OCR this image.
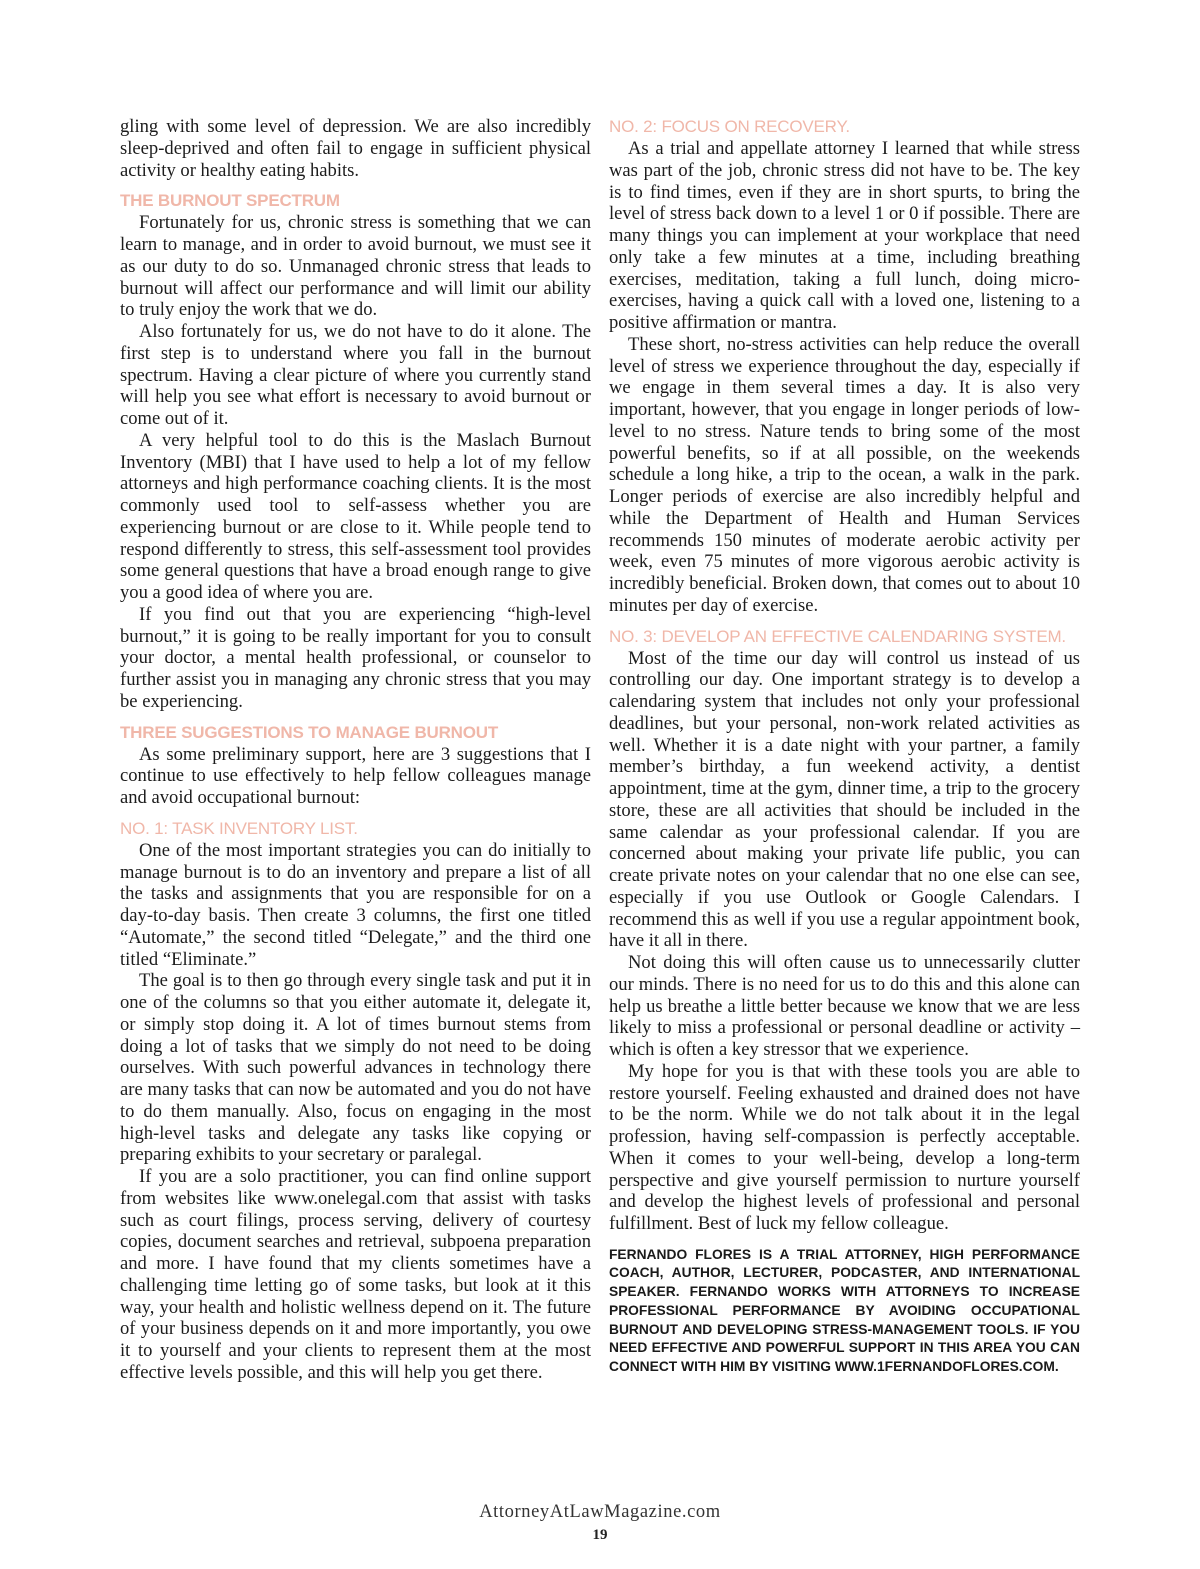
gling with some level of depression. We are also incredibly sleep-deprived and often fail to engage in sufficient physical activity or healthy eating habits.

THE BURNOUT SPECTRUM

Fortunately for us, chronic stress is something that we can learn to manage, and in order to avoid burnout, we must see it as our duty to do so. Unmanaged chronic stress that leads to burnout will affect our performance and will limit our ability to truly enjoy the work that we do.

Also fortunately for us, we do not have to do it alone. The first step is to understand where you fall in the burnout spectrum. Having a clear picture of where you currently stand will help you see what effort is necessary to avoid burnout or come out of it.

A very helpful tool to do this is the Maslach Burnout Inventory (MBI) that I have used to help a lot of my fellow attorneys and high performance coaching clients. It is the most commonly used tool to self-assess whether you are experiencing burnout or are close to it. While people tend to respond differently to stress, this self-assessment tool provides some general questions that have a broad enough range to give you a good idea of where you are.

If you find out that you are experiencing “high-level burnout,” it is going to be really important for you to consult your doctor, a mental health professional, or counselor to further assist you in managing any chronic stress that you may be experiencing.

THREE SUGGESTIONS TO MANAGE BURNOUT

As some preliminary support, here are 3 suggestions that I continue to use effectively to help fellow colleagues manage and avoid occupational burnout:

NO. 1: TASK INVENTORY LIST.

One of the most important strategies you can do initially to manage burnout is to do an inventory and prepare a list of all the tasks and assignments that you are responsible for on a day-to-day basis. Then create 3 columns, the first one titled “Automate,” the second titled “Delegate,” and the third one titled “Eliminate.”

The goal is to then go through every single task and put it in one of the columns so that you either automate it, delegate it, or simply stop doing it. A lot of times burnout stems from doing a lot of tasks that we simply do not need to be doing ourselves. With such powerful advances in technology there are many tasks that can now be automated and you do not have to do them manually. Also, focus on engaging in the most high-level tasks and delegate any tasks like copying or preparing exhibits to your secretary or paralegal.

If you are a solo practitioner, you can find online support from websites like www.onelegal.com that assist with tasks such as court filings, process serving, delivery of courtesy copies, document searches and retrieval, subpoena preparation and more. I have found that my clients sometimes have a challenging time letting go of some tasks, but look at it this way, your health and holistic wellness depend on it. The future of your business depends on it and more importantly, you owe it to yourself and your clients to represent them at the most effective levels possible, and this will help you get there.

NO. 2: FOCUS ON RECOVERY.

As a trial and appellate attorney I learned that while stress was part of the job, chronic stress did not have to be. The key is to find times, even if they are in short spurts, to bring the level of stress back down to a level 1 or 0 if possible. There are many things you can implement at your workplace that need only take a few minutes at a time, including breathing exercises, meditation, taking a full lunch, doing micro-exercises, having a quick call with a loved one, listening to a positive affirmation or mantra.

These short, no-stress activities can help reduce the overall level of stress we experience throughout the day, especially if we engage in them several times a day. It is also very important, however, that you engage in longer periods of low-level to no stress. Nature tends to bring some of the most powerful benefits, so if at all possible, on the weekends schedule a long hike, a trip to the ocean, a walk in the park. Longer periods of exercise are also incredibly helpful and while the Department of Health and Human Services recommends 150 minutes of moderate aerobic activity per week, even 75 minutes of more vigorous aerobic activity is incredibly beneficial. Broken down, that comes out to about 10 minutes per day of exercise.

NO. 3: DEVELOP AN EFFECTIVE CALENDARING SYSTEM.

Most of the time our day will control us instead of us controlling our day. One important strategy is to develop a calendaring system that includes not only your professional deadlines, but your personal, non-work related activities as well. Whether it is a date night with your partner, a family member’s birthday, a fun weekend activity, a dentist appointment, time at the gym, dinner time, a trip to the grocery store, these are all activities that should be included in the same calendar as your professional calendar. If you are concerned about making your private life public, you can create private notes on your calendar that no one else can see, especially if you use Outlook or Google Calendars. I recommend this as well if you use a regular appointment book, have it all in there.

Not doing this will often cause us to unnecessarily clutter our minds. There is no need for us to do this and this alone can help us breathe a little better because we know that we are less likely to miss a professional or personal deadline or activity – which is often a key stressor that we experience.

My hope for you is that with these tools you are able to restore yourself. Feeling exhausted and drained does not have to be the norm. While we do not talk about it in the legal profession, having self-compassion is perfectly acceptable. When it comes to your well-being, develop a long-term perspective and give yourself permission to nurture yourself and develop the highest levels of professional and personal fulfillment. Best of luck my fellow colleague.

FERNANDO FLORES IS A TRIAL ATTORNEY, HIGH PERFORMANCE COACH, AUTHOR, LECTURER, PODCASTER, AND INTERNATIONAL SPEAKER. FERNANDO WORKS WITH ATTORNEYS TO INCREASE PROFESSIONAL PERFORMANCE BY AVOIDING OCCUPATIONAL BURNOUT AND DEVELOPING STRESS-MANAGEMENT TOOLS. IF YOU NEED EFFECTIVE AND POWERFUL SUPPORT IN THIS AREA YOU CAN CONNECT WITH HIM BY VISITING WWW.1FERNANDOFLORES.COM.
AttorneyAtLawMagazine.com
19
